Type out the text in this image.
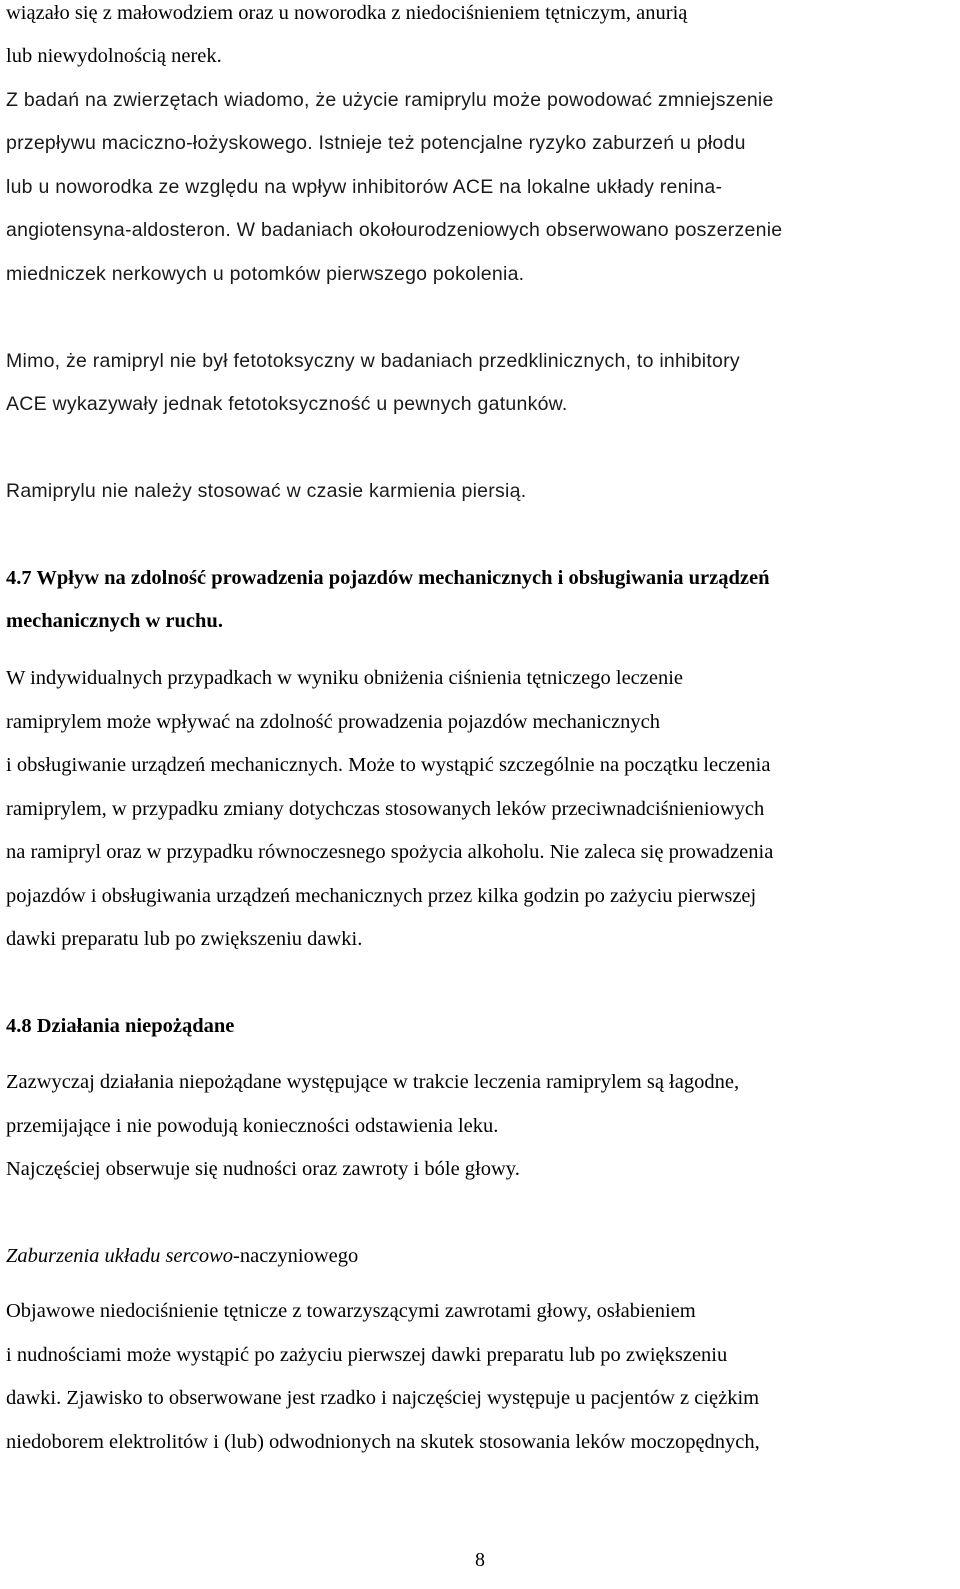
wiązało się z małowodziem oraz u noworodka z niedociśnieniem tętniczym, anurią
lub niewydolnością nerek.
Z badań na zwierzętach wiadomo, że użycie ramiprylu może powodować zmniejszenie
przepływu maciczno-łożyskowego. Istnieje też potencjalne ryzyko zaburzeń u płodu
lub u noworodka ze względu na wpływ inhibitorów ACE na lokalne układy renina-
angiotensyna-aldosteron. W badaniach okołourodzeniowych obserwowano poszerzenie
miedniczek nerkowych u potomków pierwszego pokolenia.
Mimo, że ramipryl nie był fetotoksyczny w badaniach przedklinicznych, to inhibitory
ACE wykazywały jednak fetotoksyczność u pewnych gatunków.
Ramiprylu nie należy stosować w czasie karmienia piersią.
4.7 Wpływ na zdolność prowadzenia pojazdów mechanicznych i obsługiwania urządzeń
mechanicznych w ruchu.
W indywidualnych przypadkach w wyniku obniżenia ciśnienia tętniczego leczenie
ramiprylem może wpływać na zdolność prowadzenia pojazdów mechanicznych
i obsługiwanie urządzeń mechanicznych. Może to wystąpić szczególnie na początku leczenia
ramiprylem, w przypadku zmiany dotychczas stosowanych leków przeciwnadciśnieniowych
na ramipryl oraz w przypadku równoczesnego spożycia alkoholu. Nie zaleca się prowadzenia
pojazdów i obsługiwania urządzeń mechanicznych przez kilka godzin po zażyciu pierwszej
dawki preparatu lub po zwiększeniu dawki.
4.8 Działania niepożądane
Zazwyczaj działania niepożądane występujące w trakcie leczenia ramiprylem są łagodne,
przemijające i nie powodują konieczności odstawienia leku.
Najczęściej obserwuje się nudności oraz zawroty i bóle głowy.
Zaburzenia układu sercowo-naczyniowego
Objawowe niedociśnienie tętnicze z towarzyszącymi zawrotami głowy, osłabieniem
i nudnościami może wystąpić po zażyciu pierwszej dawki preparatu lub po zwiększeniu
dawki. Zjawisko to obserwowane jest rzadko i najczęściej występuje u pacjentów z ciężkim
niedoborem elektrolitów i (lub) odwodnionych na skutek stosowania leków moczopędnych,
8
